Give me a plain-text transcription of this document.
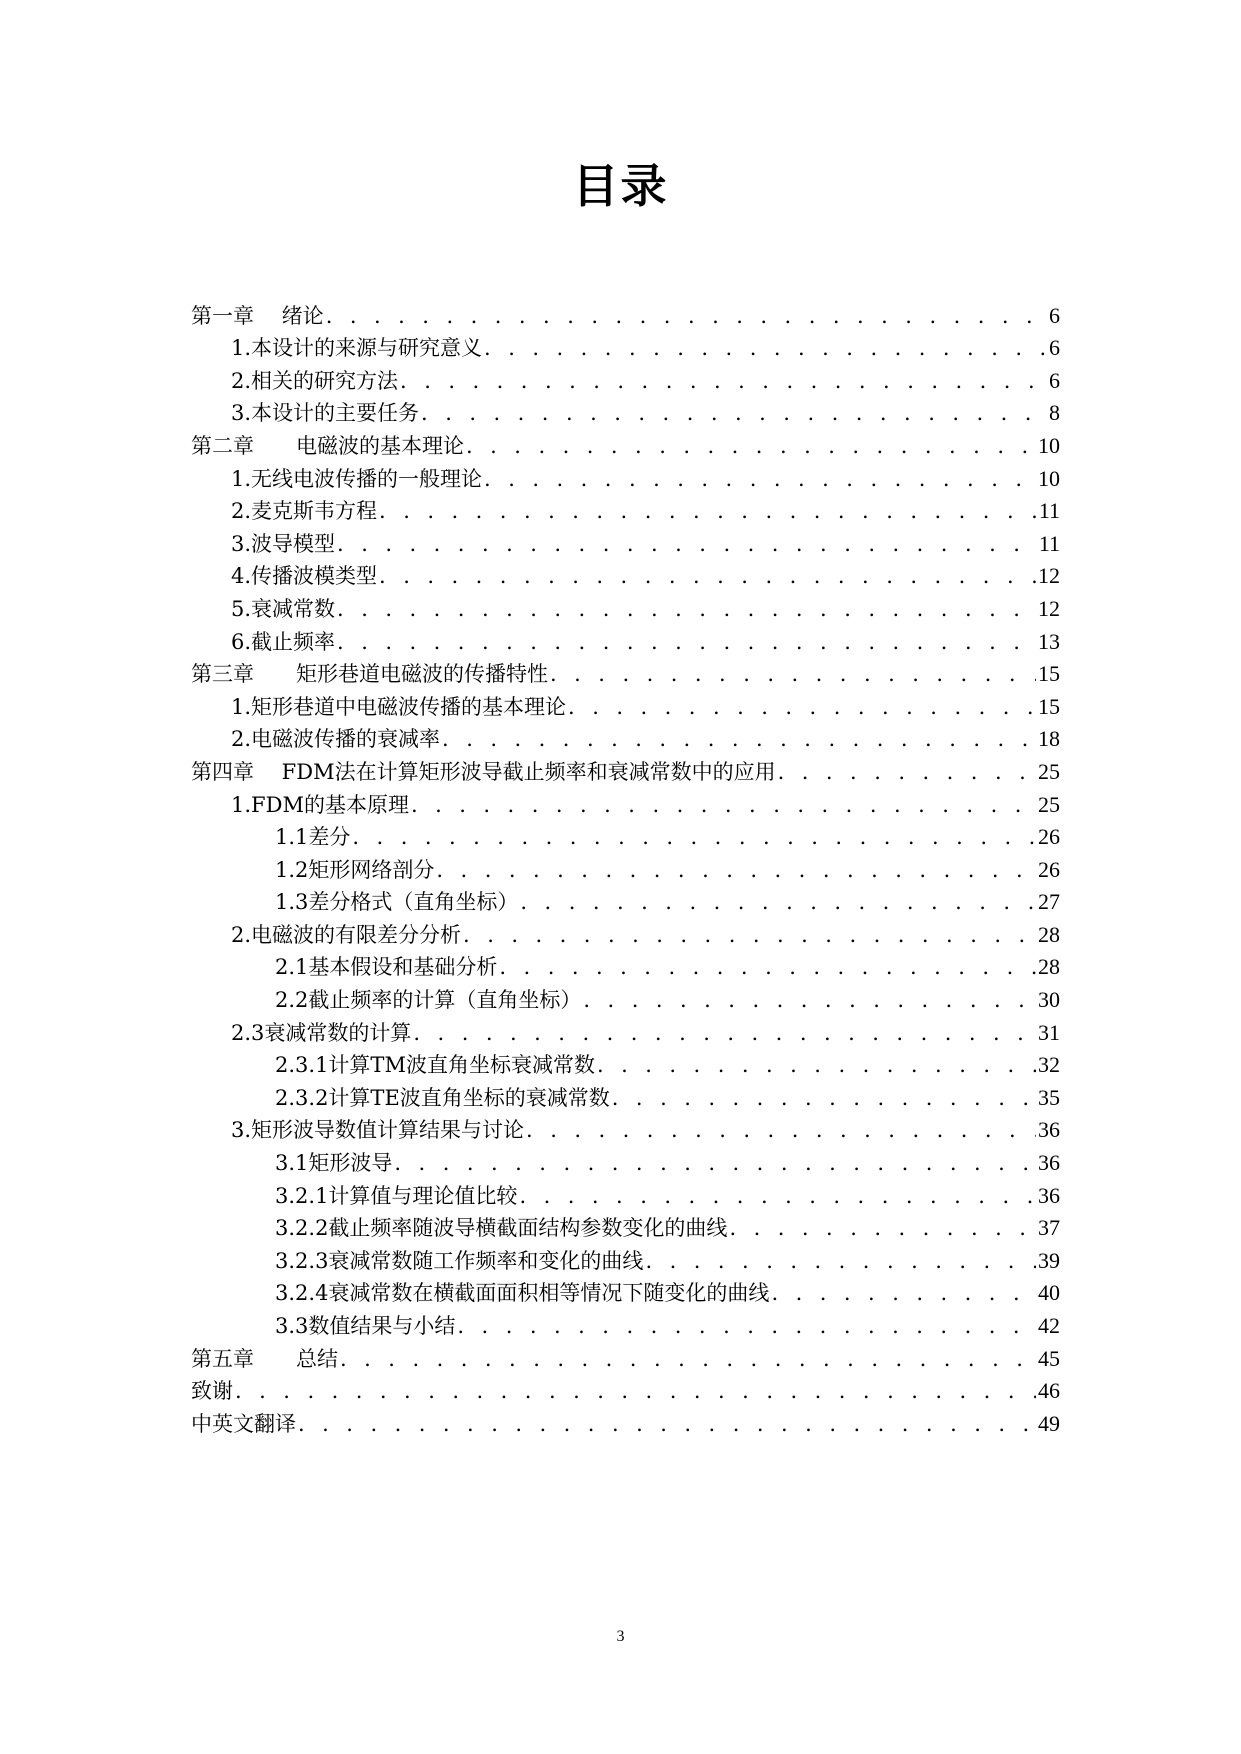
目录
第一章　 绪论 . . .	6
1.本设计的来源与研究意义 . . .	6
2.相关的研究方法 . . .	6
3.本设计的主要任务 . . .	8
第二章　　电磁波的基本理论 . . .	10
1.无线电波传播的一般理论 . . .	10
2.麦克斯韦方程 . . .	11
3.波导模型 . . .	11
4.传播波模类型 . . .	12
5.衰减常数 . . .	12
6.截止频率 . . .	13
第三章　　矩形巷道电磁波的传播特性 . . .	15
1.矩形巷道中电磁波传播的基本理论 . . .	15
2.电磁波传播的衰减率 . . .	18
第四章　 FDM法在计算矩形波导截止频率和衰减常数中的应用 . . .	25
1.FDM的基本原理 . . .	25
1.1差分 . . .	26
1.2矩形网络剖分 . . .	26
1.3差分格式（直角坐标） . . .	27
2.电磁波的有限差分分析 . . .	28
2.1基本假设和基础分析 . . .	28
2.2截止频率的计算（直角坐标） . . .	30
2.3衰减常数的计算 . . .	31
2.3.1计算TM波直角坐标衰减常数 . . .	32
2.3.2计算TE波直角坐标的衰减常数 . . .	35
3.矩形波导数值计算结果与讨论 . . .	36
3.1矩形波导 . . .	36
3.2.1计算值与理论值比较 . . .	36
3.2.2截止频率随波导横截面结构参数变化的曲线 . . .	37
3.2.3衰减常数随工作频率和变化的曲线 . . .	39
3.2.4衰减常数在横截面面积相等情况下随变化的曲线 . . .	40
3.3数值结果与小结 . . .	42
第五章　　总结 . . .	45
致谢 . . .	46
中英文翻译 . . .	49
3
